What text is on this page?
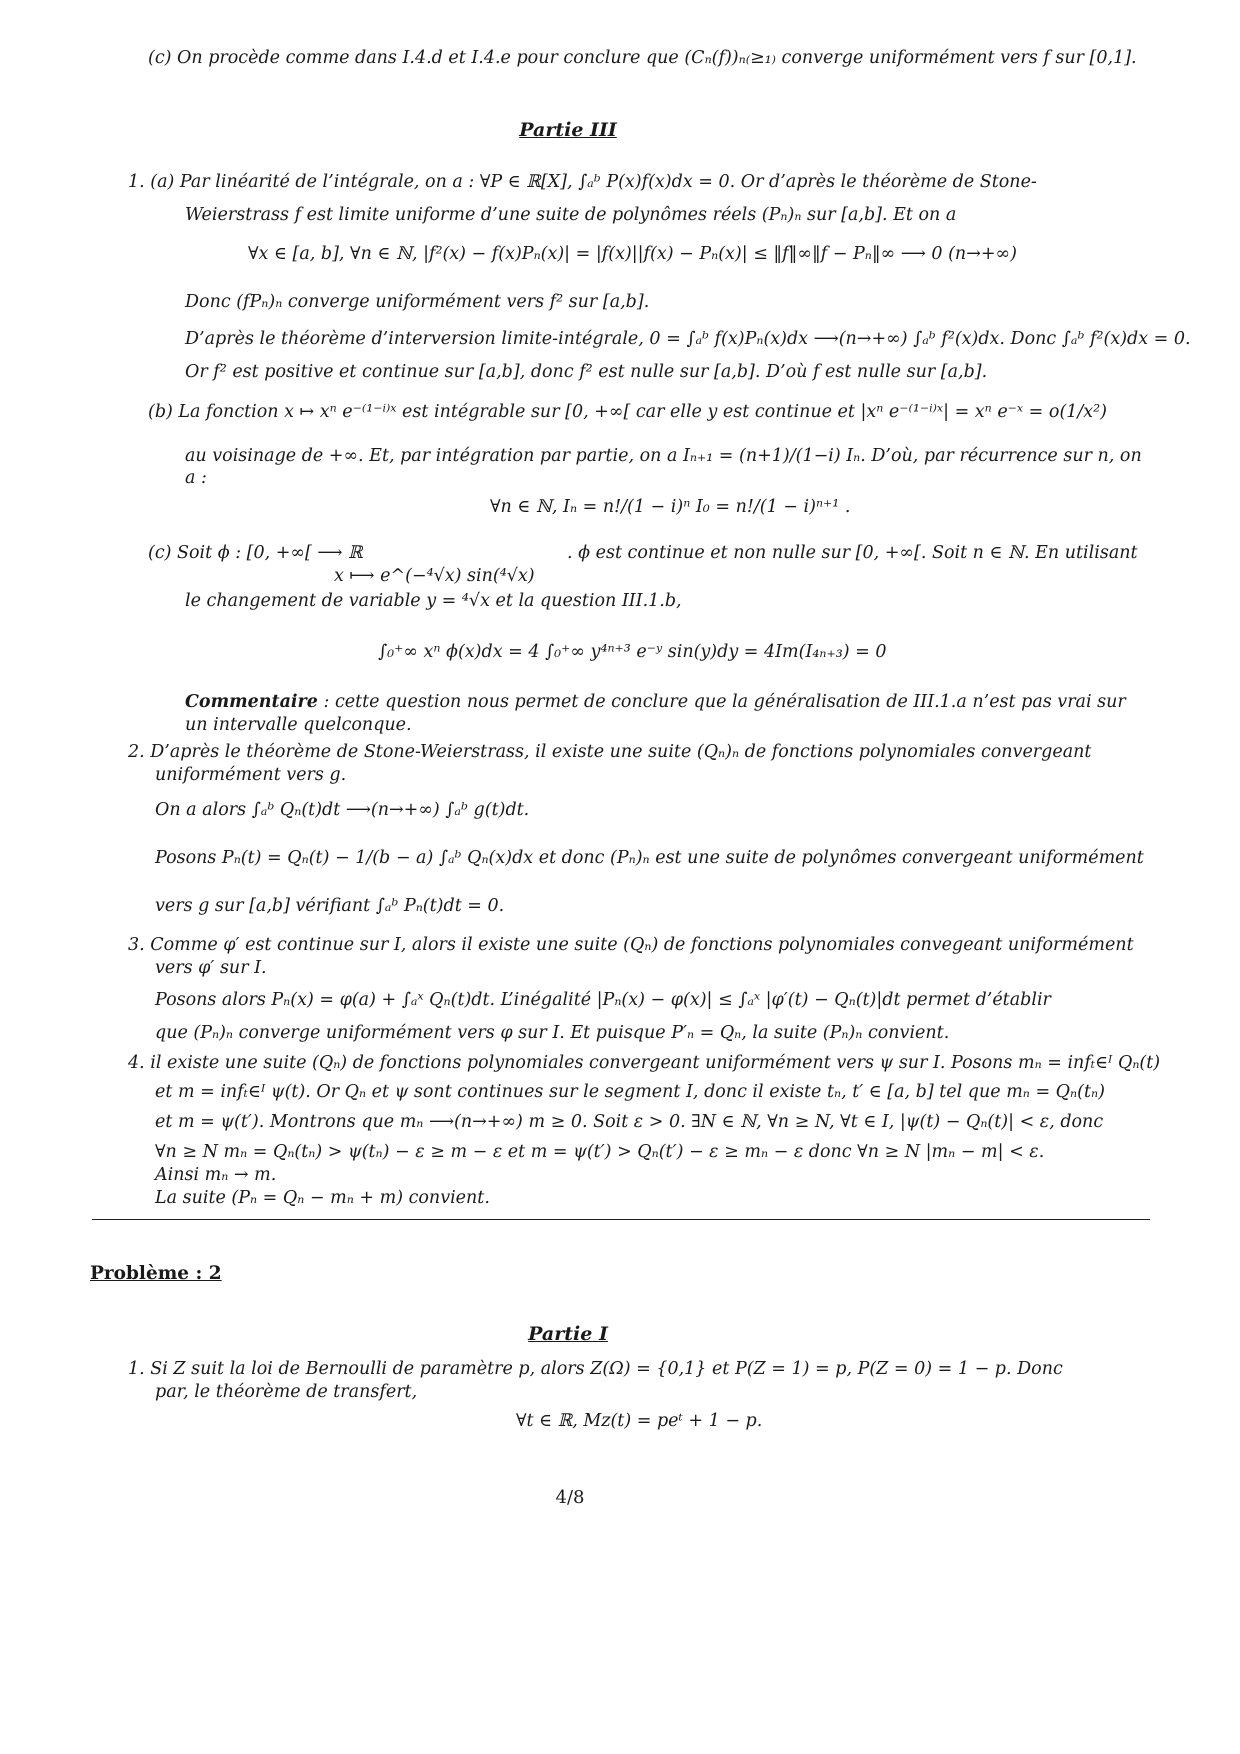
(c) On procède comme dans I.4.d et I.4.e pour conclure que (Cₙ(f))ₙ₍≥₁₎ converge uniformément vers f sur [0,1].
Partie III
1. (a) Par linéarité de l’intégrale, on a : ∀P ∈ ℝ[X], ∫ₐᵇ P(x)f(x)dx = 0. Or d’après le théorème de Stone-
Weierstrass f est limite uniforme d’une suite de polynômes réels (Pₙ)ₙ sur [a,b]. Et on a
∀x ∈ [a, b], ∀n ∈ ℕ, |f²(x) − f(x)Pₙ(x)| = |f(x)||f(x) − Pₙ(x)| ≤ ‖f‖∞‖f − Pₙ‖∞ ⟶ 0 (n→+∞)
Donc (fPₙ)ₙ converge uniformément vers f² sur [a,b].
D’après le théorème d’interversion limite-intégrale, 0 = ∫ₐᵇ f(x)Pₙ(x)dx ⟶(n→+∞) ∫ₐᵇ f²(x)dx. Donc ∫ₐᵇ f²(x)dx = 0.
Or f² est positive et continue sur [a,b], donc f² est nulle sur [a,b]. D’où f est nulle sur [a,b].
(b) La fonction x ↦ xⁿ e⁻⁽¹⁻ⁱ⁾ˣ est intégrable sur [0, +∞[ car elle y est continue et |xⁿ e⁻⁽¹⁻ⁱ⁾ˣ| = xⁿ e⁻ˣ = o(1/x²)
au voisinage de +∞. Et, par intégration par partie, on a Iₙ₊₁ = (n+1)/(1−i) Iₙ. D’où, par récurrence sur n, on
a :
∀n ∈ ℕ, Iₙ = n!/(1 − i)ⁿ I₀ = n!/(1 − i)ⁿ⁺¹ .
(c) Soit ϕ : [0, +∞[ ⟶ ℝ	. ϕ est continue et non nulle sur [0, +∞[. Soit n ∈ ℕ. En utilisant
x ⟼ e^(−⁴√x) sin(⁴√x)
le changement de variable y = ⁴√x et la question III.1.b,
∫₀⁺∞ xⁿ ϕ(x)dx = 4 ∫₀⁺∞ y⁴ⁿ⁺³ e⁻ʸ sin(y)dy = 4Im(I₄ₙ₊₃) = 0
Commentaire : cette question nous permet de conclure que la généralisation de III.1.a n’est pas vrai sur
un intervalle quelconque.
2. D’après le théorème de Stone-Weierstrass, il existe une suite (Qₙ)ₙ de fonctions polynomiales convergeant
uniformément vers g.
On a alors ∫ₐᵇ Qₙ(t)dt ⟶(n→+∞) ∫ₐᵇ g(t)dt.
Posons Pₙ(t) = Qₙ(t) − 1/(b − a) ∫ₐᵇ Qₙ(x)dx et donc (Pₙ)ₙ est une suite de polynômes convergeant uniformément
vers g sur [a,b] vérifiant ∫ₐᵇ Pₙ(t)dt = 0.
3. Comme φ′ est continue sur I, alors il existe une suite (Qₙ) de fonctions polynomiales convegeant uniformément
vers φ′ sur I.
Posons alors Pₙ(x) = φ(a) + ∫ₐˣ Qₙ(t)dt. L’inégalité |Pₙ(x) − φ(x)| ≤ ∫ₐˣ |φ′(t) − Qₙ(t)|dt permet d’établir
que (Pₙ)ₙ converge uniformément vers φ sur I. Et puisque P′ₙ = Qₙ, la suite (Pₙ)ₙ convient.
4. il existe une suite (Qₙ) de fonctions polynomiales convergeant uniformément vers ψ sur I. Posons mₙ = infₜ∈ᴵ Qₙ(t)
et m = infₜ∈ᴵ ψ(t). Or Qₙ et ψ sont continues sur le segment I, donc il existe tₙ, t′ ∈ [a, b] tel que mₙ = Qₙ(tₙ)
et m = ψ(t′). Montrons que mₙ ⟶(n→+∞) m ≥ 0. Soit ε > 0. ∃N ∈ ℕ, ∀n ≥ N, ∀t ∈ I, |ψ(t) − Qₙ(t)| < ε, donc
∀n ≥ N mₙ = Qₙ(tₙ) > ψ(tₙ) − ε ≥ m − ε et m = ψ(t′) > Qₙ(t′) − ε ≥ mₙ − ε donc ∀n ≥ N |mₙ − m| < ε.
Ainsi mₙ → m.
La suite (Pₙ = Qₙ − mₙ + m) convient.
Problème : 2
Partie I
1. Si Z suit la loi de Bernoulli de paramètre p, alors Z(Ω) = {0,1} et P(Z = 1) = p, P(Z = 0) = 1 − p. Donc
par, le théorème de transfert,
∀t ∈ ℝ, Mᴢ(t) = peᵗ + 1 − p.
4/8
